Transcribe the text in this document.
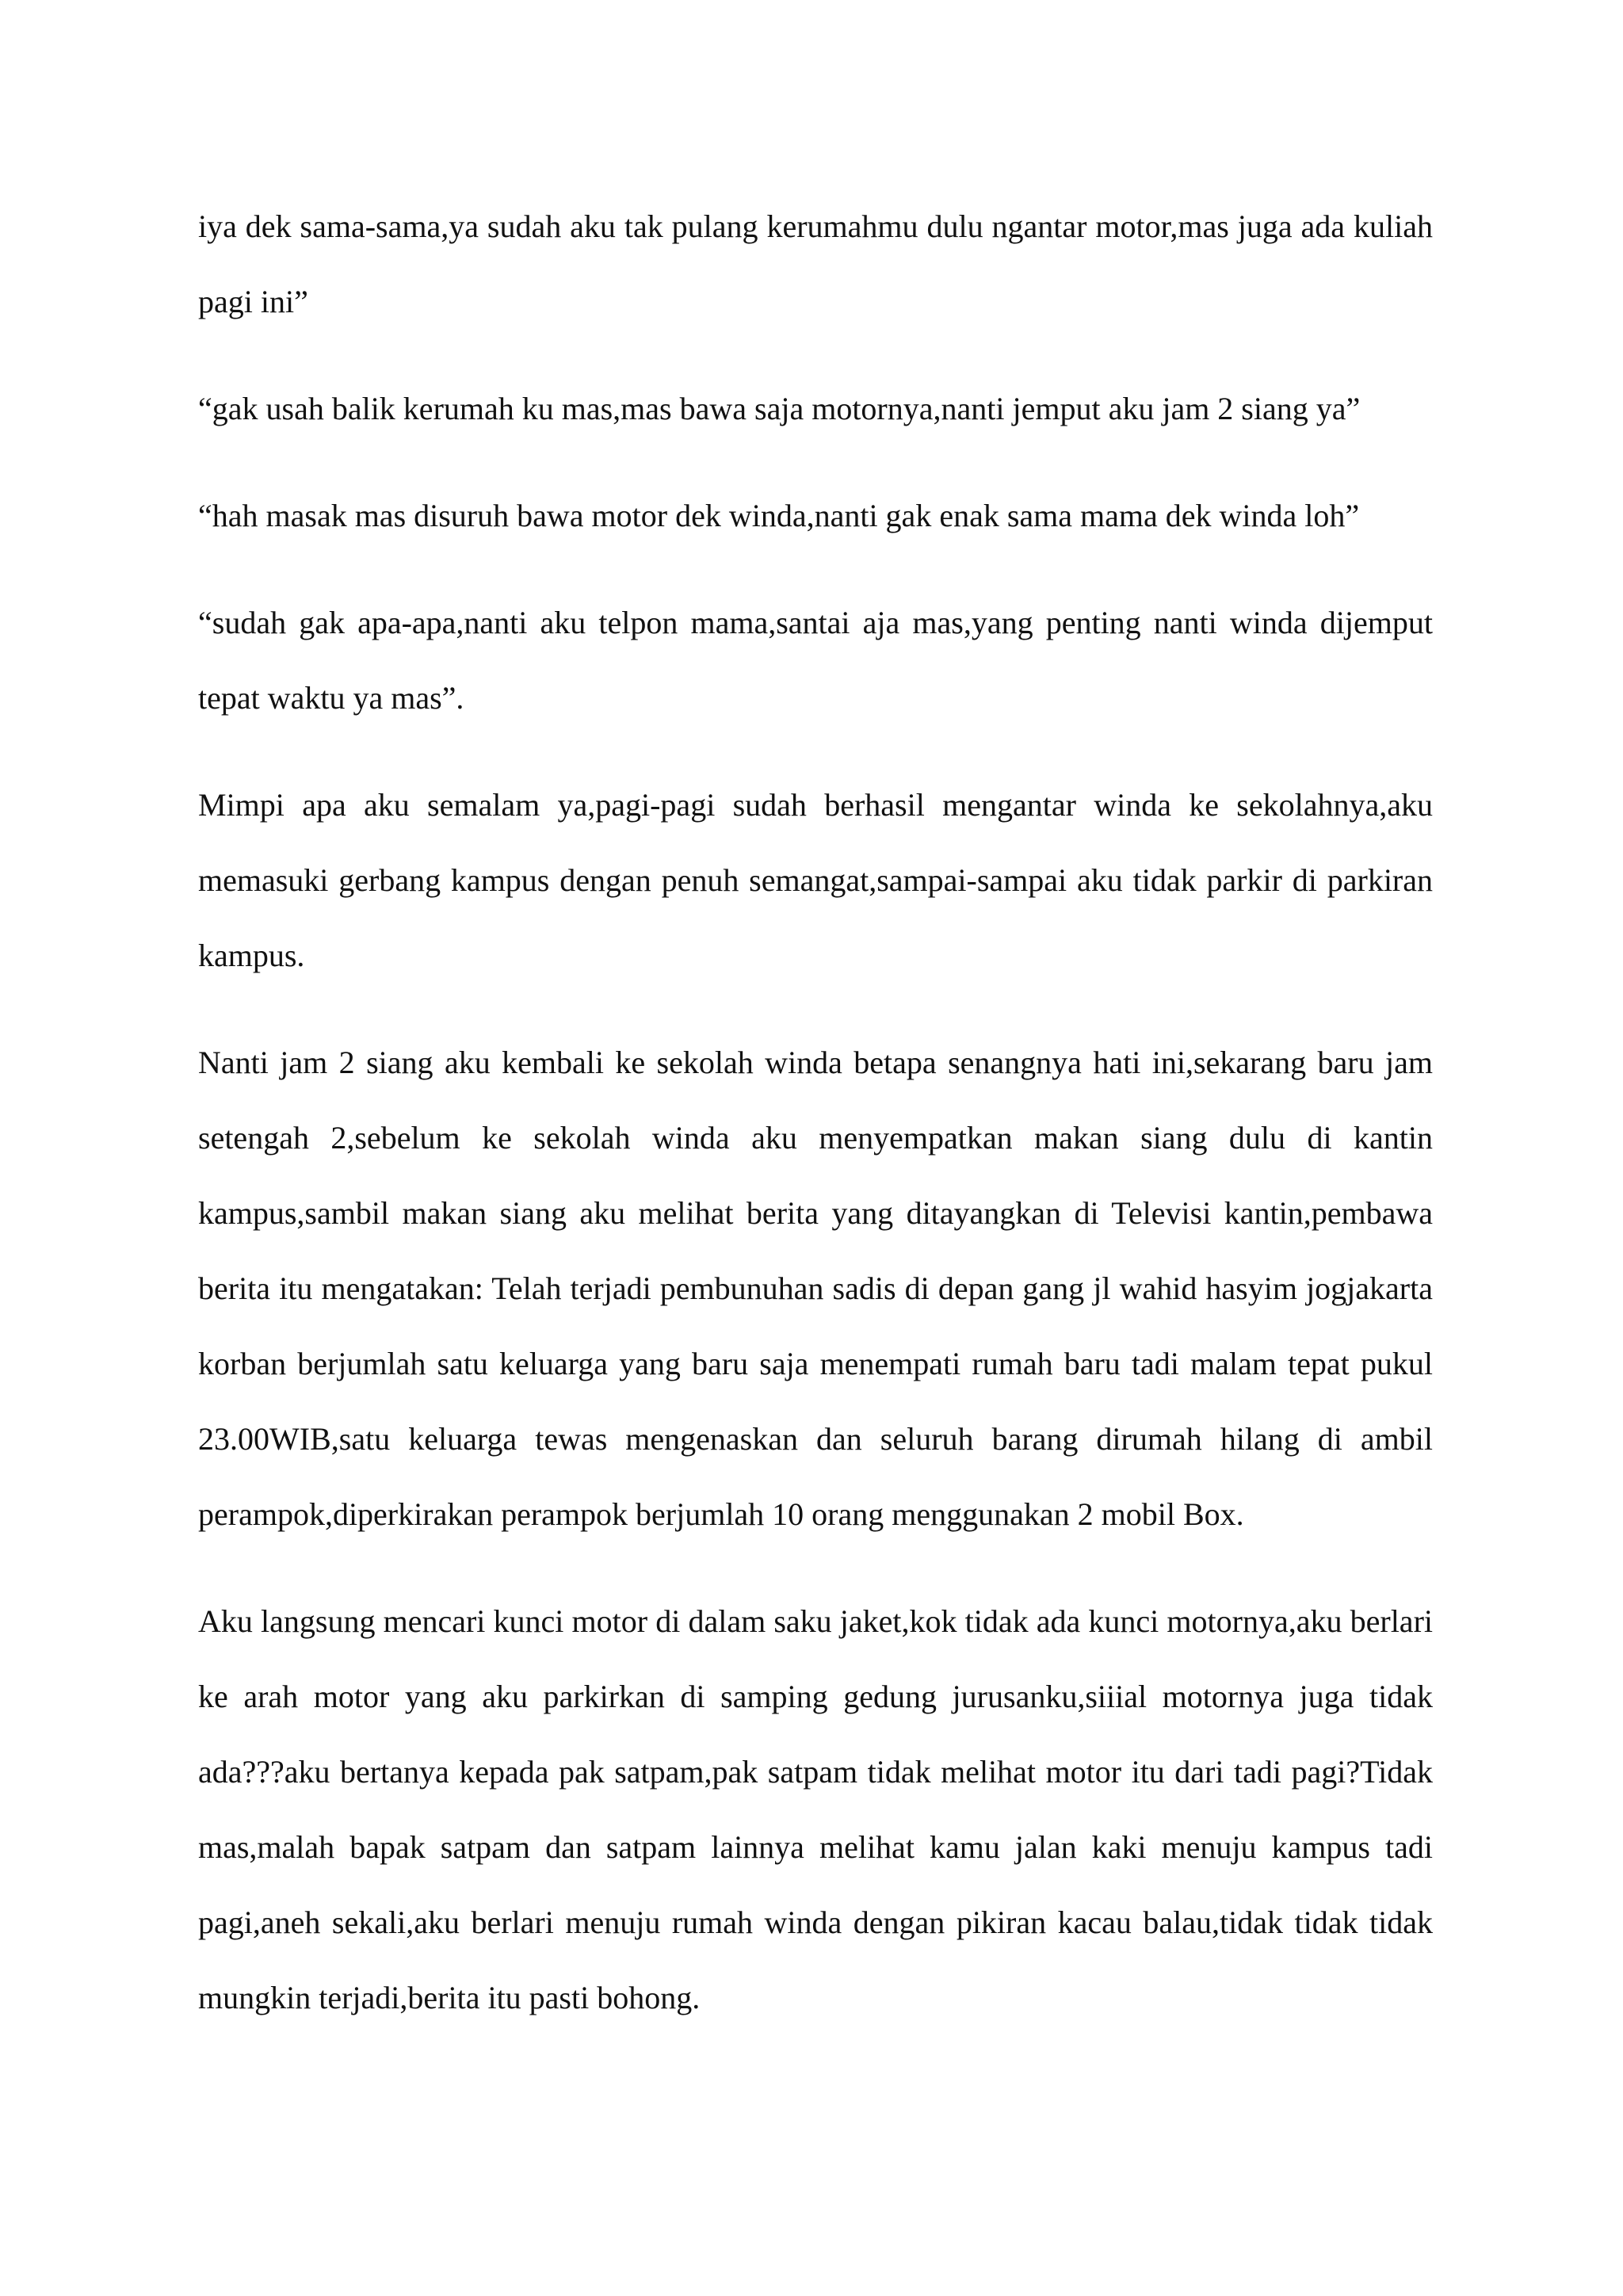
iya dek sama-sama,ya sudah aku tak pulang kerumahmu dulu ngantar motor,mas juga ada kuliah pagi ini”

“gak usah balik kerumah ku mas,mas bawa saja motornya,nanti jemput aku jam 2 siang ya”

“hah masak mas disuruh bawa motor dek winda,nanti gak enak sama mama dek winda loh”

“sudah gak apa-apa,nanti aku telpon mama,santai aja mas,yang penting nanti winda dijemput tepat waktu ya mas”.

Mimpi apa aku semalam ya,pagi-pagi sudah berhasil mengantar winda ke sekolahnya,aku memasuki gerbang kampus dengan penuh semangat,sampai-sampai aku tidak parkir di parkiran kampus.

Nanti jam 2 siang aku kembali ke sekolah winda betapa senangnya hati ini,sekarang baru jam setengah 2,sebelum ke sekolah winda aku menyempatkan makan siang dulu di kantin kampus,sambil makan siang aku melihat berita yang ditayangkan di Televisi kantin,pembawa berita itu mengatakan: Telah terjadi pembunuhan sadis di depan gang jl wahid hasyim jogjakarta korban berjumlah satu keluarga yang baru saja menempati rumah baru tadi malam tepat pukul 23.00WIB,satu keluarga tewas mengenaskan dan seluruh barang dirumah hilang di ambil perampok,diperkirakan perampok berjumlah 10 orang menggunakan 2 mobil Box.

Aku langsung mencari kunci motor di dalam saku jaket,kok tidak ada kunci motornya,aku berlari ke arah motor yang aku parkirkan di samping gedung jurusanku,siiial motornya juga tidak ada???aku bertanya kepada pak satpam,pak satpam tidak melihat motor itu dari tadi pagi?Tidak mas,malah bapak satpam dan satpam lainnya melihat kamu jalan kaki menuju kampus tadi pagi,aneh sekali,aku berlari menuju rumah winda dengan pikiran kacau balau,tidak tidak tidak mungkin terjadi,berita itu pasti bohong.
